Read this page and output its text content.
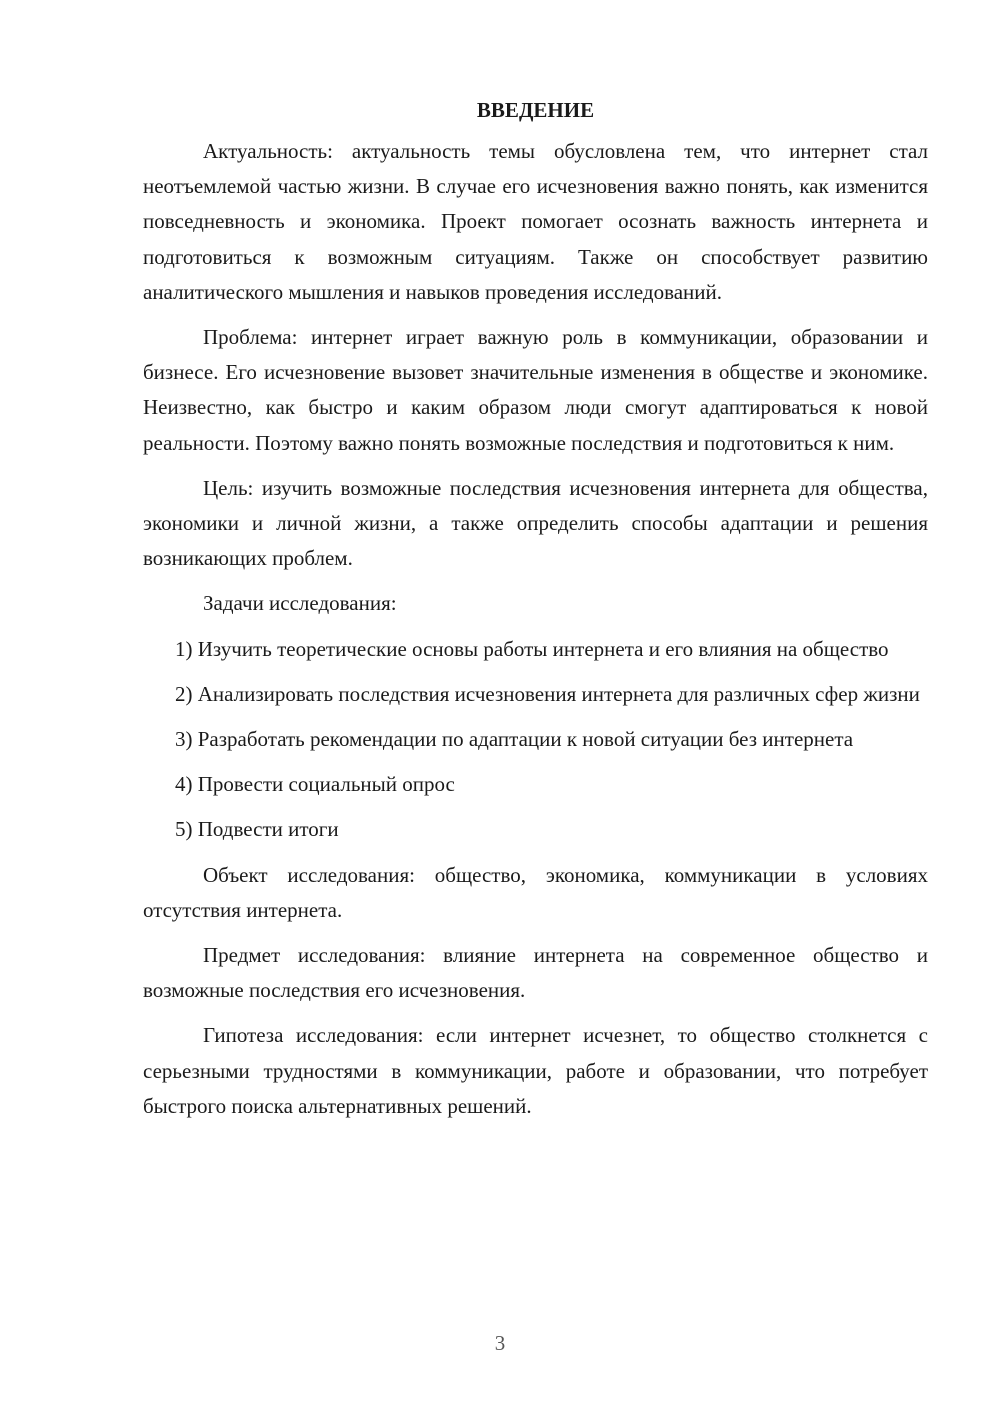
ВВЕДЕНИЕ

Актуальность: актуальность темы обусловлена тем, что интернет стал неотъемлемой частью жизни. В случае его исчезновения важно понять, как изменится повседневность и экономика. Проект помогает осознать важность интернета и подготовиться к возможным ситуациям. Также он способствует развитию аналитического мышления и навыков проведения исследований.

Проблема: интернет играет важную роль в коммуникации, образовании и бизнесе. Его исчезновение вызовет значительные изменения в обществе и экономике. Неизвестно, как быстро и каким образом люди смогут адаптироваться к новой реальности. Поэтому важно понять возможные последствия и подготовиться к ним.

Цель: изучить возможные последствия исчезновения интернета для общества, экономики и личной жизни, а также определить способы адаптации и решения возникающих проблем.

Задачи исследования:

1) Изучить теоретические основы работы интернета и его влияния на общество

2) Анализировать последствия исчезновения интернета для различных сфер жизни

3) Разработать рекомендации по адаптации к новой ситуации без интернета

4) Провести социальный опрос

5) Подвести итоги

Объект исследования: общество, экономика, коммуникации в условиях отсутствия интернета.

Предмет исследования: влияние интернета на современное общество и возможные последствия его исчезновения.

Гипотеза исследования: если интернет исчезнет, то общество столкнется с серьезными трудностями в коммуникации, работе и образовании, что потребует быстрого поиска альтернативных решений.

3
